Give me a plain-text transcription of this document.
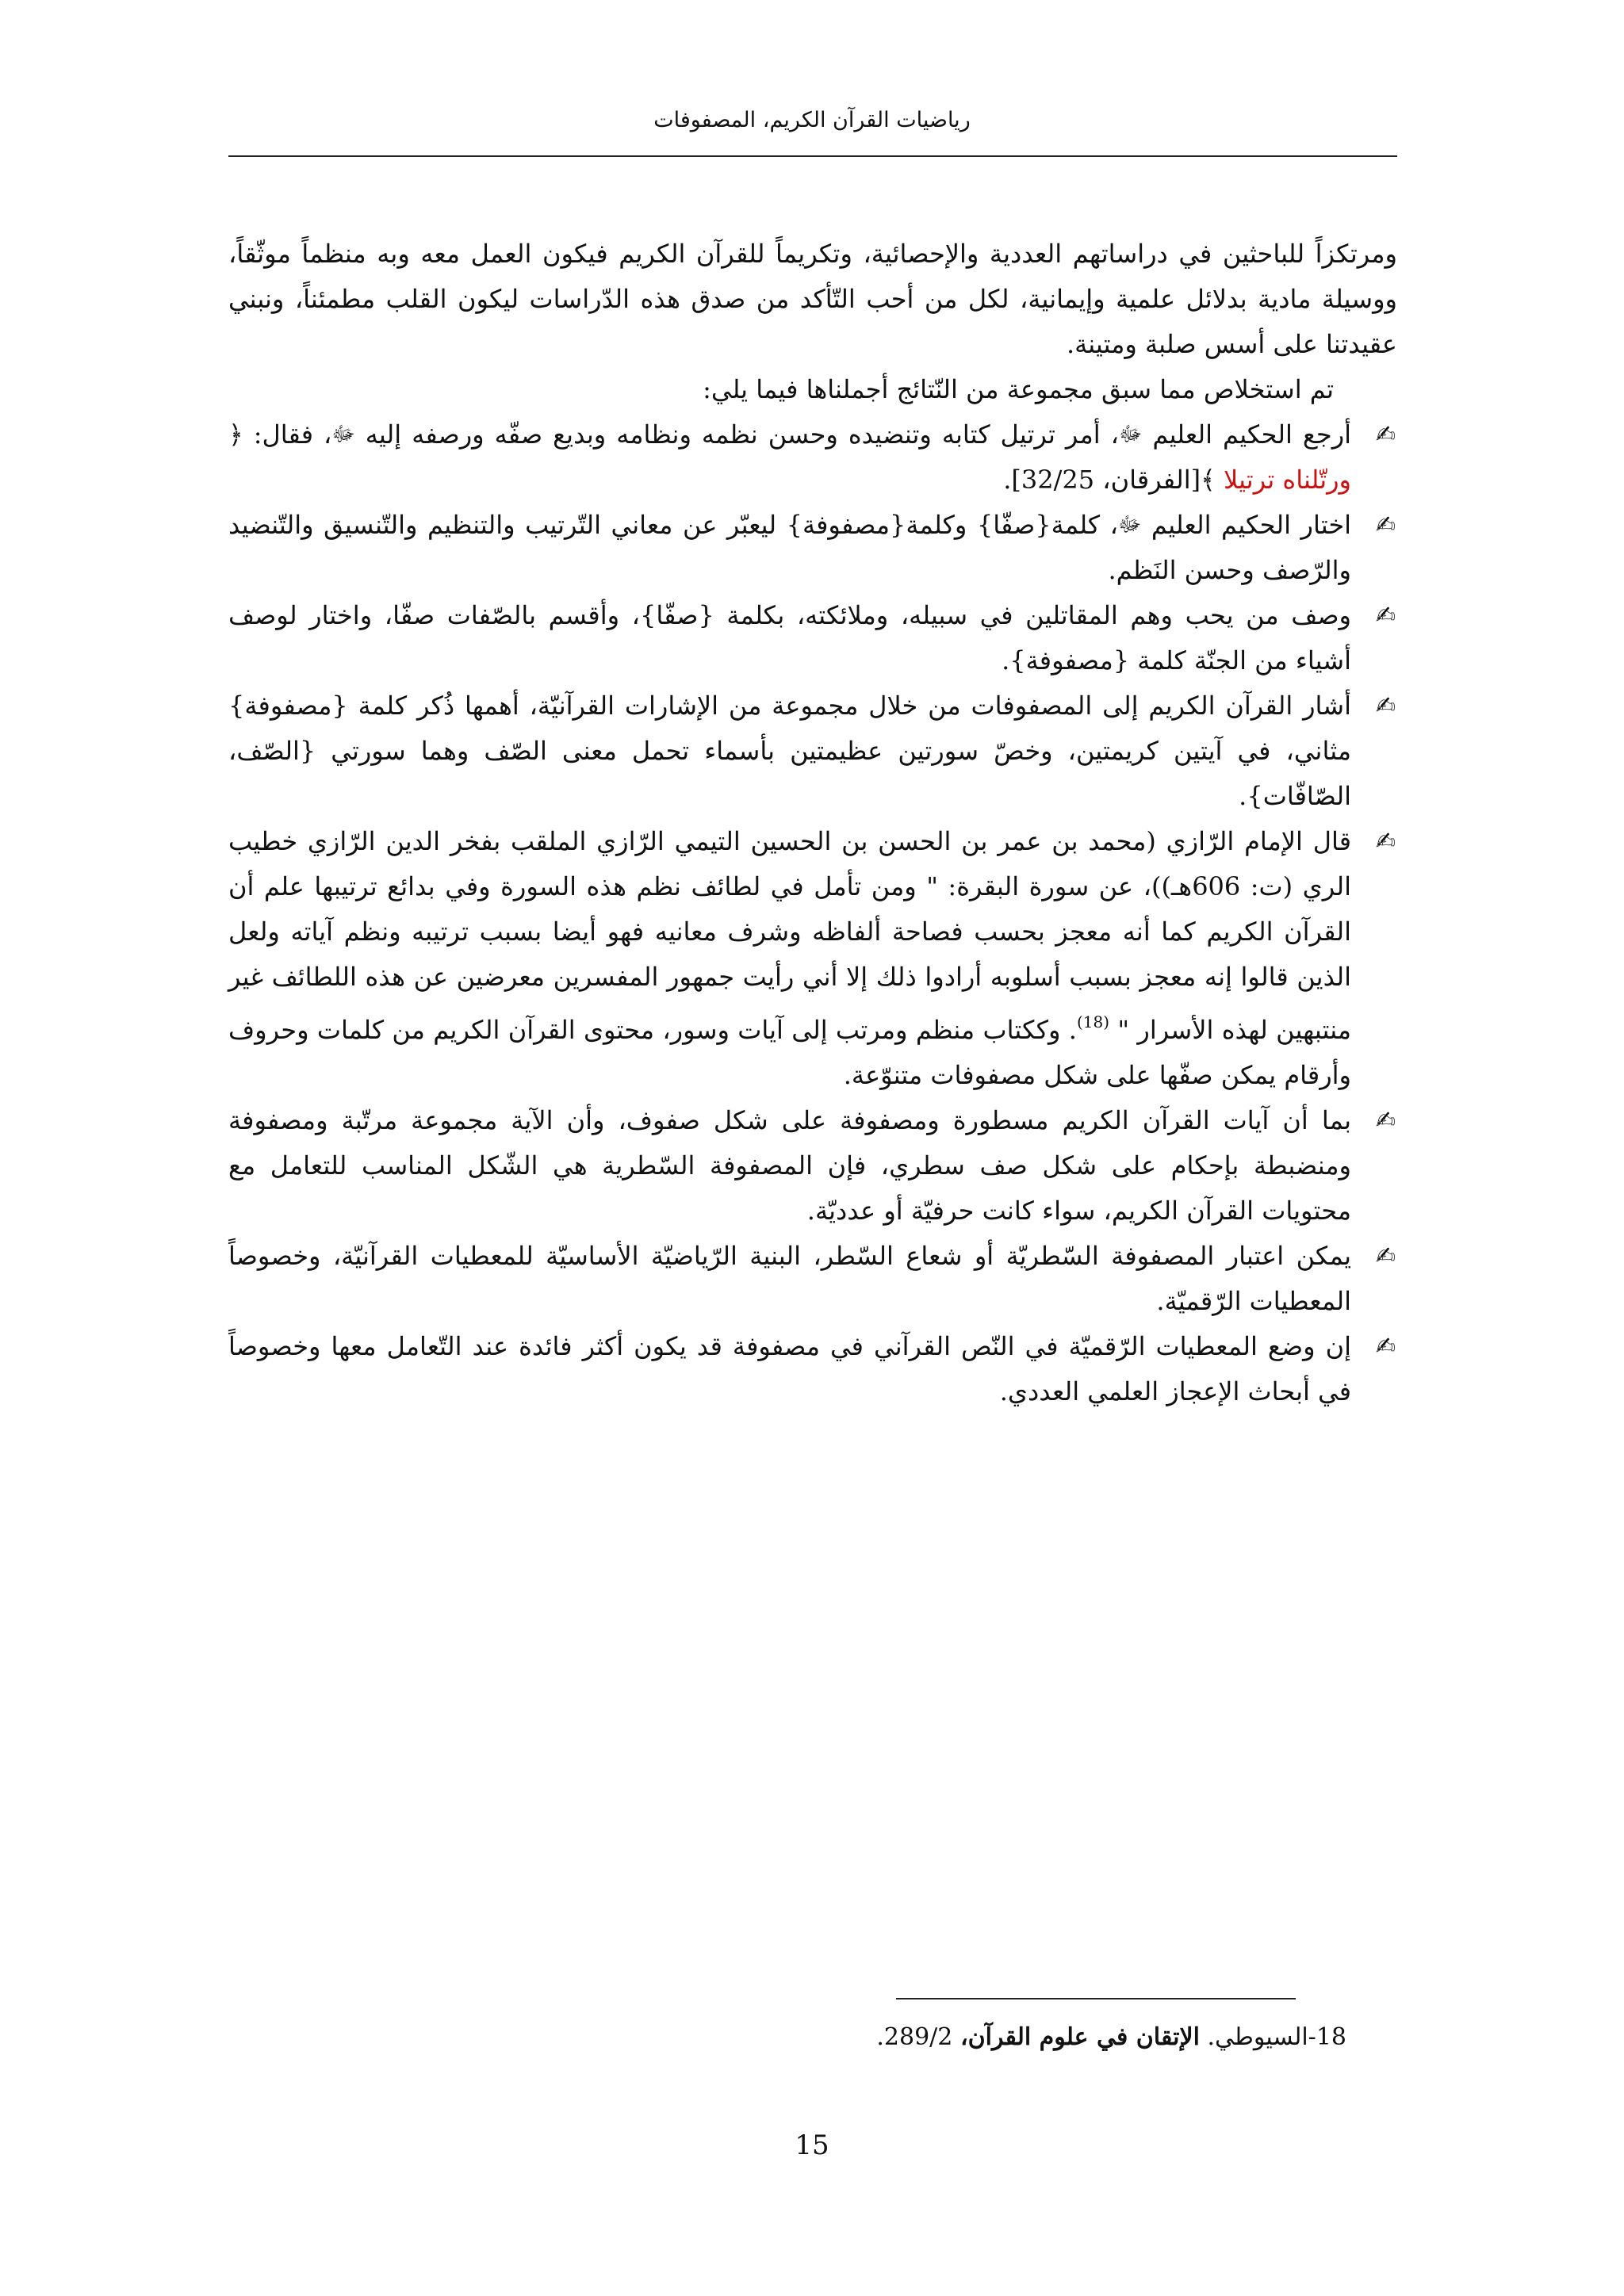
رياضيات القرآن الكريم، المصفوفات

ومرتكزاً للباحثين في دراساتهم العددية والإحصائية، وتكريماً للقرآن الكريم فيكون العمل معه وبه منظماً موثّقاً، ووسيلة مادية بدلائل علمية وإيمانية، لكل من أحب التّأكد من صدق هذه الدّراسات ليكون القلب مطمئناً، ونبني عقيدتنا على أسس صلبة ومتينة.

تم استخلاص مما سبق مجموعة من النّتائج أجملناها فيما يلي:

✍
أرجع الحكيم العليم ﷻ، أمر ترتيل كتابه وتنضيده وحسن نظمه ونظامه وبديع صفّه ورصفه إليه ﷻ، فقال: ﴿ ورتّلناه ترتيلا ﴾[الفرقان، 32/25].
✍
اختار الحكيم العليم ﷻ، كلمة{صفّا} وكلمة{مصفوفة} ليعبّر عن معاني التّرتيب والتنظيم والتّنسيق والتّنضيد والرّصف وحسن النَظم.
✍
وصف من يحب وهم المقاتلين في سبيله، وملائكته، بكلمة {صفّا}، وأقسم بالصّفات صفّا، واختار لوصف أشياء من الجنّة كلمة {مصفوفة}.
✍
أشار القرآن الكريم إلى المصفوفات من خلال مجموعة من الإشارات القرآنيّة، أهمها ذُكر كلمة {مصفوفة}مثاني، في آيتين كريمتين، وخصّ سورتين عظيمتين بأسماء تحمل معنى الصّف وهما سورتي {الصّف، الصّافّات}.
✍
قال الإمام الرّازي (محمد بن عمر بن الحسن بن الحسين التيمي الرّازي الملقب بفخر الدين الرّازي خطيب الري (ت: 606هـ))، عن سورة البقرة: " ومن تأمل في لطائف نظم هذه السورة وفي بدائع ترتيبها علم أن القرآن الكريم كما أنه معجز بحسب فصاحة ألفاظه وشرف معانيه فهو أيضا بسبب ترتيبه ونظم آياته ولعل الذين قالوا إنه معجز بسبب أسلوبه أرادوا ذلك إلا أني رأيت جمهور المفسرين معرضين عن هذه اللطائف غير منتبهين لهذه الأسرار " $^{(18)}$. وككتاب منظم ومرتب إلى آيات وسور، محتوى القرآن الكريم من كلمات وحروف وأرقام يمكن صفّها على شكل مصفوفات متنوّعة.
✍
بما أن آيات القرآن الكريم مسطورة ومصفوفة على شكل صفوف، وأن الآية مجموعة مرتّبة ومصفوفة ومنضبطة بإحكام على شكل صف سطري، فإن المصفوفة السّطرية هي الشّكل المناسب للتعامل مع محتويات القرآن الكريم، سواء كانت حرفيّة أو عدديّة.
✍
يمكن اعتبار المصفوفة السّطريّة أو شعاع السّطر، البنية الرّياضيّة الأساسيّة للمعطيات القرآنيّة، وخصوصاً المعطيات الرّقميّة.
✍
إن وضع المعطيات الرّقميّة في النّص القرآني في مصفوفة قد يكون أكثر فائدة عند التّعامل معها وخصوصاً في أبحاث الإعجاز العلمي العددي.

18-السيوطي. الإتقان في علوم القرآن، 289/2.

15
